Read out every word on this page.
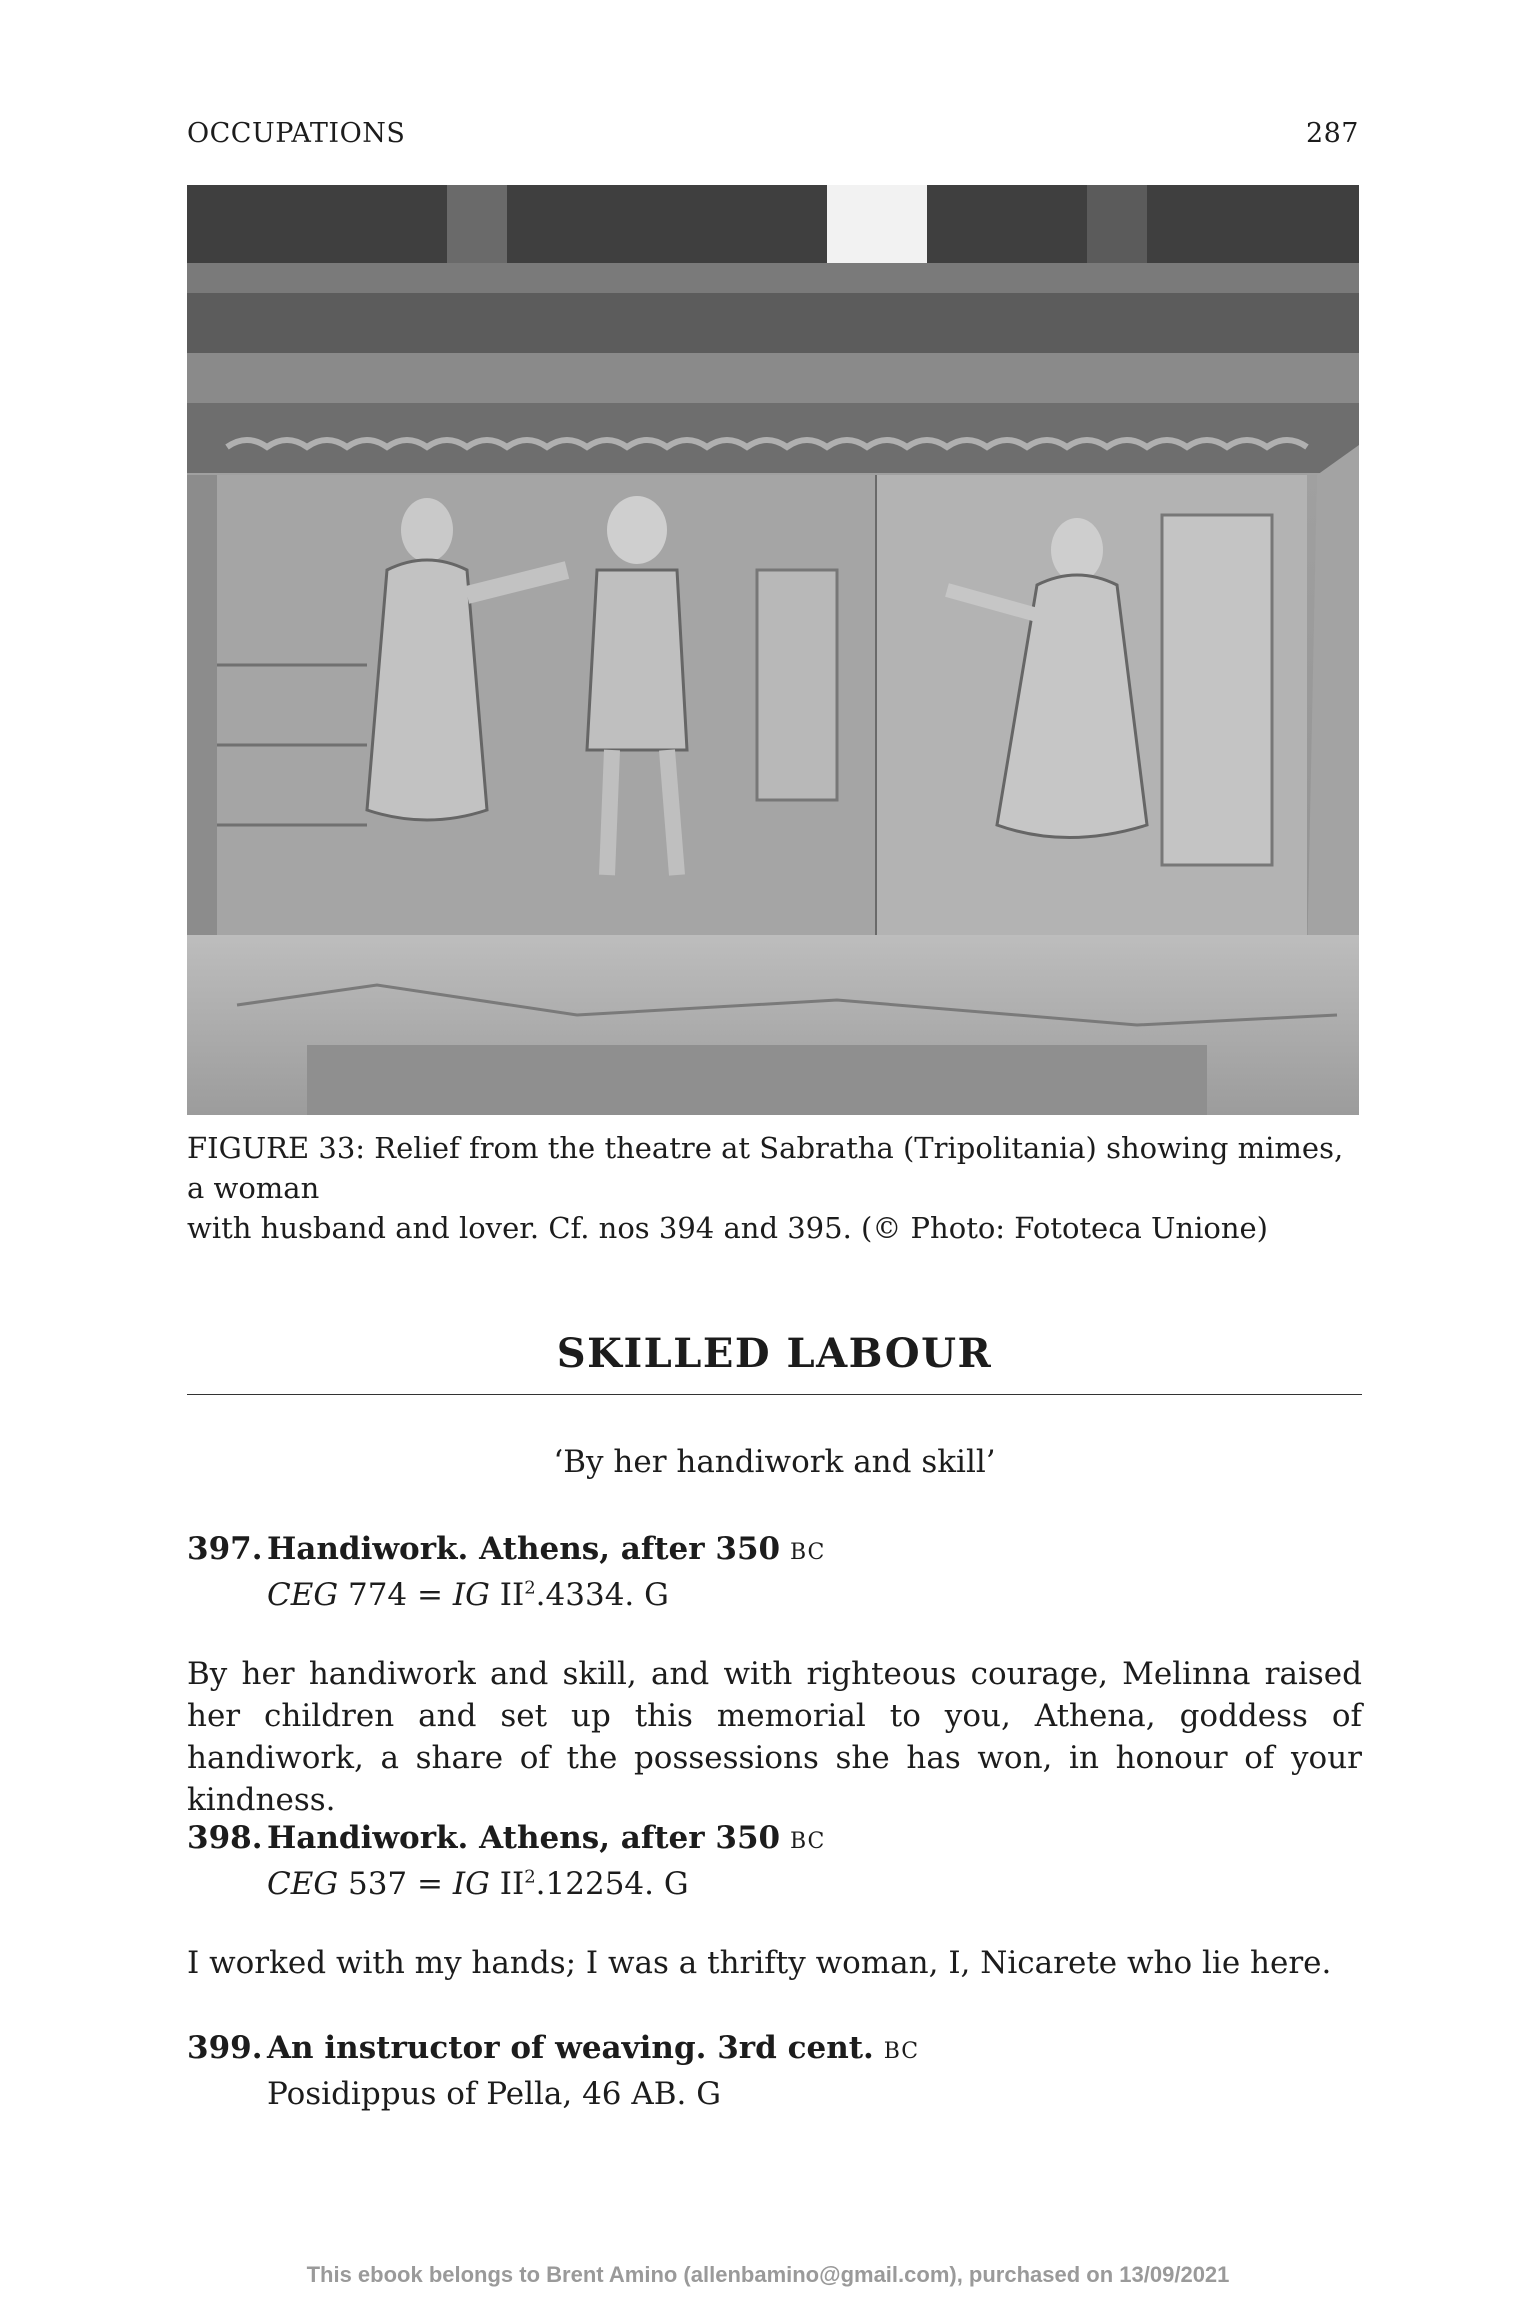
OCCUPATIONS	287
FIGURE 33: Relief from the theatre at Sabratha (Tripolitania) showing mimes, a woman
with husband and lover. Cf. nos 394 and 395. (© Photo: Fototeca Unione)
SKILLED LABOUR
‘By her handiwork and skill’
397. Handiwork. Athens, after 350 BC
CEG 774 = IG $II^2.4334$. G
By her handiwork and skill, and with righteous courage, Melinna raised her children and set up this memorial to you, Athena, goddess of handiwork, a share of the possessions she has won, in honour of your kindness.
398. Handiwork. Athens, after 350 BC
CEG 537 = IG $II^2.12254$. G
I worked with my hands; I was a thrifty woman, I, Nicarete who lie here.
399. An instructor of weaving. 3rd cent. BC
Posidippus of Pella, 46 AB. G
This ebook belongs to Brent Amino (allenbamino@gmail.com), purchased on 13/09/2021
